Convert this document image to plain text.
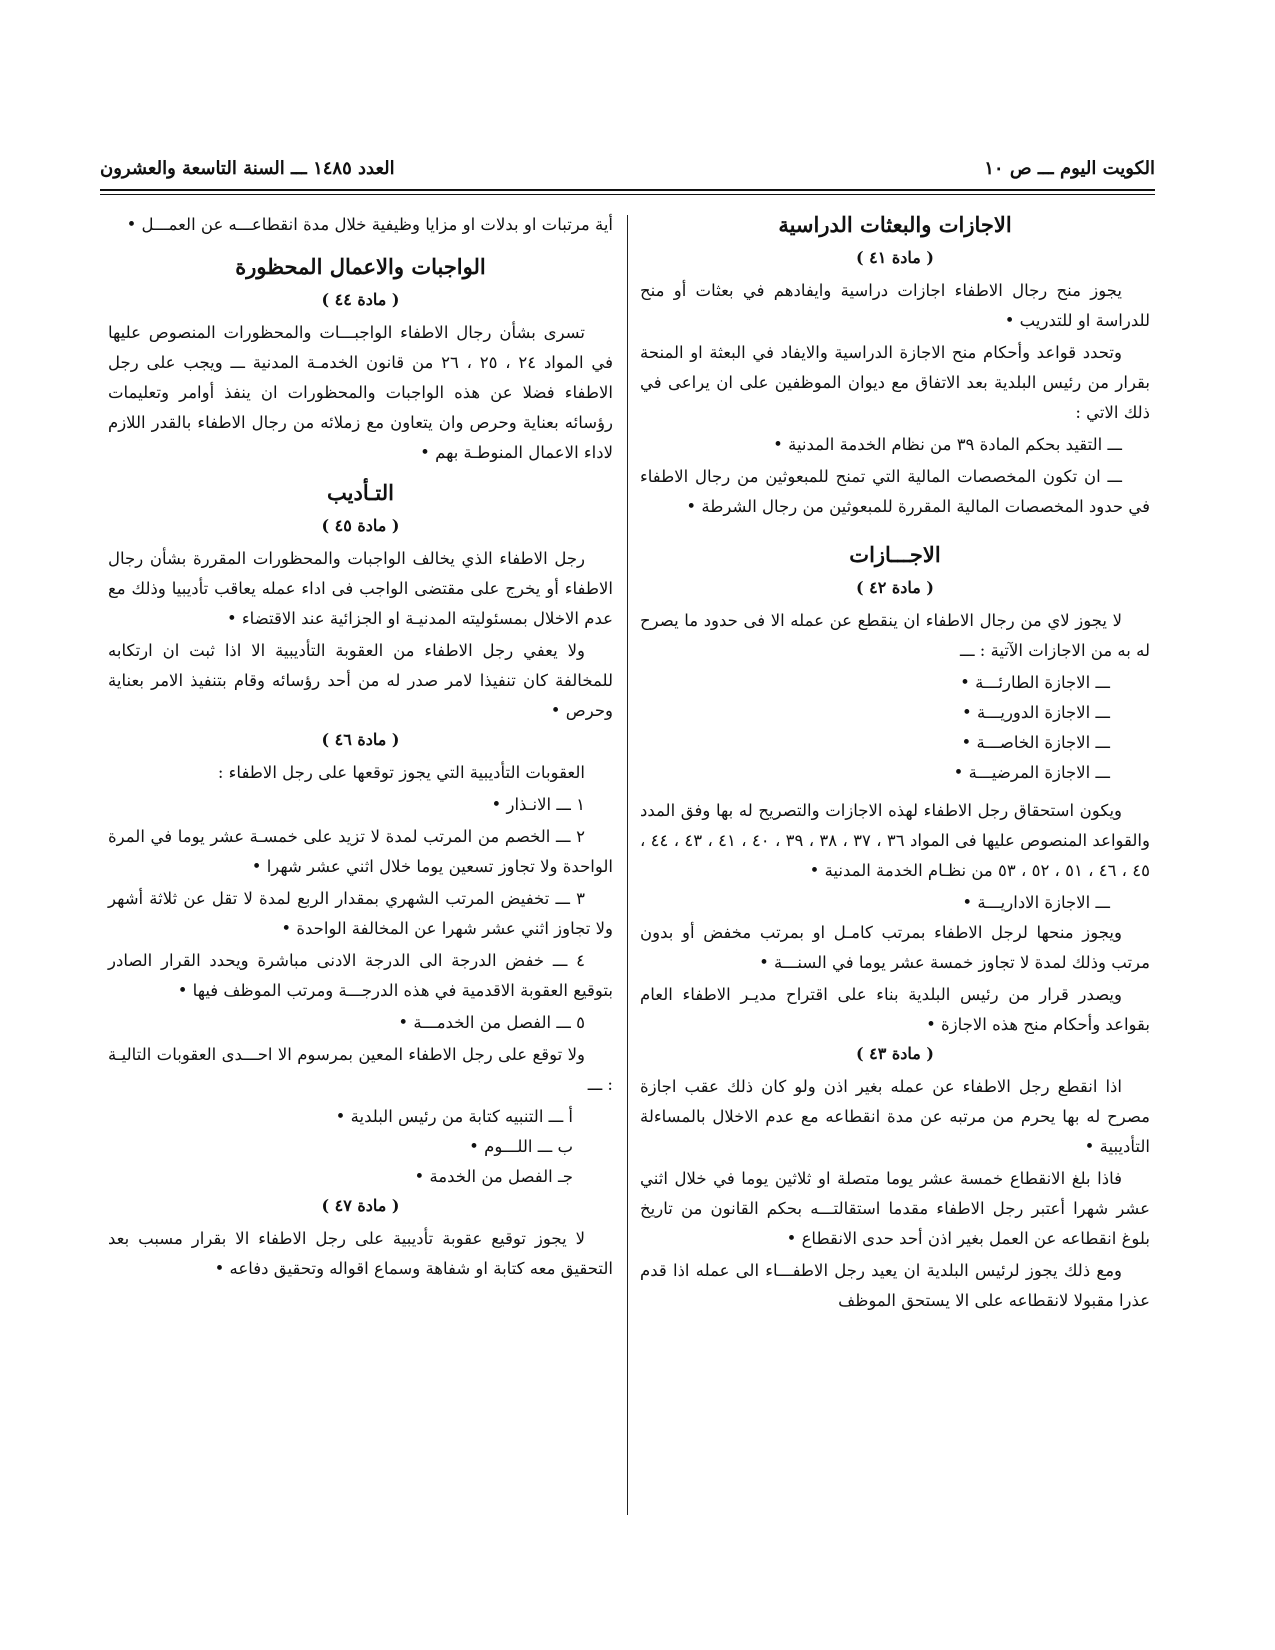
الكويت اليوم ـــ ص ١٠
العدد ١٤٨٥ ـــ السنة التاسعة والعشرون
الاجازات والبعثات الدراسية
( مادة ٤١ )

يجوز منح رجال الاطفاء اجازات دراسية وايفادهم في بعثات أو منح للدراسة او للتدريب •

وتحدد قواعد وأحكام منح الاجازة الدراسية والايفاد في البعثة او المنحة بقرار من رئيس البلدية بعد الاتفاق مع ديوان الموظفين على ان يراعى في ذلك الاتي :

ـــ التقيد بحكم المادة ٣٩ من نظام الخدمة المدنية •

ـــ ان تكون المخصصات المالية التي تمنح للمبعوثين من رجال الاطفاء في حدود المخصصات المالية المقررة للمبعوثين من رجال الشرطة •

الاجـــازات
( مادة ٤٢ )

لا يجوز لاي من رجال الاطفاء ان ينقطع عن عمله الا فى حدود ما يصرح له به من الاجازات الآتية : ـــ

ـــ الاجازة الطارئـــة •
ـــ الاجازة الدوريـــة •
ـــ الاجازة الخاصـــة •
ـــ الاجازة المرضيـــة •

ويكون استحقاق رجل الاطفاء لهذه الاجازات والتصريح له بها وفق المدد والقواعد المنصوص عليها فى المواد ٣٦ ، ٣٧ ، ٣٨ ، ٣٩ ، ٤٠ ، ٤١ ، ٤٣ ، ٤٤ ، ٤٥ ، ٤٦ ، ٥١ ، ٥٢ ، ٥٣ من نظـام الخدمة المدنية •

ـــ الاجازة الاداريـــة •

ويجوز منحها لرجل الاطفاء بمرتب كامـل او بمرتب مخفض أو بدون مرتب وذلك لمدة لا تجاوز خمسة عشر يوما في السنـــة •

ويصدر قرار من رئيس البلدية بناء على اقتراح مديـر الاطفاء العام بقواعد وأحكام منح هذه الاجازة •

( مادة ٤٣ )

اذا انقطع رجل الاطفاء عن عمله بغير اذن ولو كان ذلك عقب اجازة مصرح له بها يحرم من مرتبه عن مدة انقطاعه مع عدم الاخلال بالمساءلة التأديبية •

فاذا بلغ الانقطاع خمسة عشر يوما متصلة او ثلاثين يوما في خلال اثني عشر شهرا أعتبر رجل الاطفاء مقدما استقالتـــه بحكم القانون من تاريخ بلوغ انقطاعه عن العمل بغير اذن أحد حدى الانقطاع •

ومع ذلك يجوز لرئيس البلدية ان يعيد رجل الاطفـــاء الى عمله اذا قدم عذرا مقبولا لانقطاعه على الا يستحق الموظف

أية مرتبات او بدلات او مزايا وظيفية خلال مدة انقطاعـــه عن العمـــل •

الواجبات والاعمال المحظورة
( مادة ٤٤ )

تسرى بشأن رجال الاطفاء الواجبـــات والمحظورات المنصوص عليها في المواد ٢٤ ، ٢٥ ، ٢٦ من قانون الخدمـة المدنية ـــ ويجب على رجل الاطفاء فضلا عن هذه الواجبات والمحظورات ان ينفذ أوامر وتعليمات رؤسائه بعناية وحرص وان يتعاون مع زملائه من رجال الاطفاء بالقدر اللازم لاداء الاعمال المنوطـة بهم •

التـأديب
( مادة ٤٥ )

رجل الاطفاء الذي يخالف الواجبات والمحظورات المقررة بشأن رجال الاطفاء أو يخرج على مقتضى الواجب فى اداء عمله يعاقب تأديبيا وذلك مع عدم الاخلال بمسئوليته المدنيـة او الجزائية عند الاقتضاء •

ولا يعفي رجل الاطفاء من العقوبة التأديبية الا اذا ثبت ان ارتكابه للمخالفة كان تنفيذا لامر صدر له من أحد رؤسائه وقام بتنفيذ الامر بعناية وحرص •

( مادة ٤٦ )

العقوبات التأديبية التي يجوز توقعها على رجل الاطفاء :

١ ـــ الانـذار •

٢ ـــ الخصم من المرتب لمدة لا تزيد على خمسـة عشر يوما في المرة الواحدة ولا تجاوز تسعين يوما خلال اثني عشر شهرا •

٣ ـــ تخفيض المرتب الشهري بمقدار الربع لمدة لا تقل عن ثلاثة أشهر ولا تجاوز اثني عشر شهرا عن المخالفة الواحدة •

٤ ـــ خفض الدرجة الى الدرجة الادنى مباشرة ويحدد القرار الصادر بتوقيع العقوبة الاقدمية في هذه الدرجـــة ومرتب الموظف فيها •

٥ ـــ الفصل من الخدمـــة •

ولا توقع على رجل الاطفاء المعين بمرسوم الا احـــدى العقوبات التاليـة : ـــ

أ ـــ التنبيه كتابة من رئيس البلدية •
ب ـــ اللـــوم •
جـ الفصل من الخدمة •
( مادة ٤٧ )

لا يجوز توقيع عقوبة تأديبية على رجل الاطفاء الا بقرار مسبب بعد التحقيق معه كتابة او شفاهة وسماع اقواله وتحقيق دفاعه •
